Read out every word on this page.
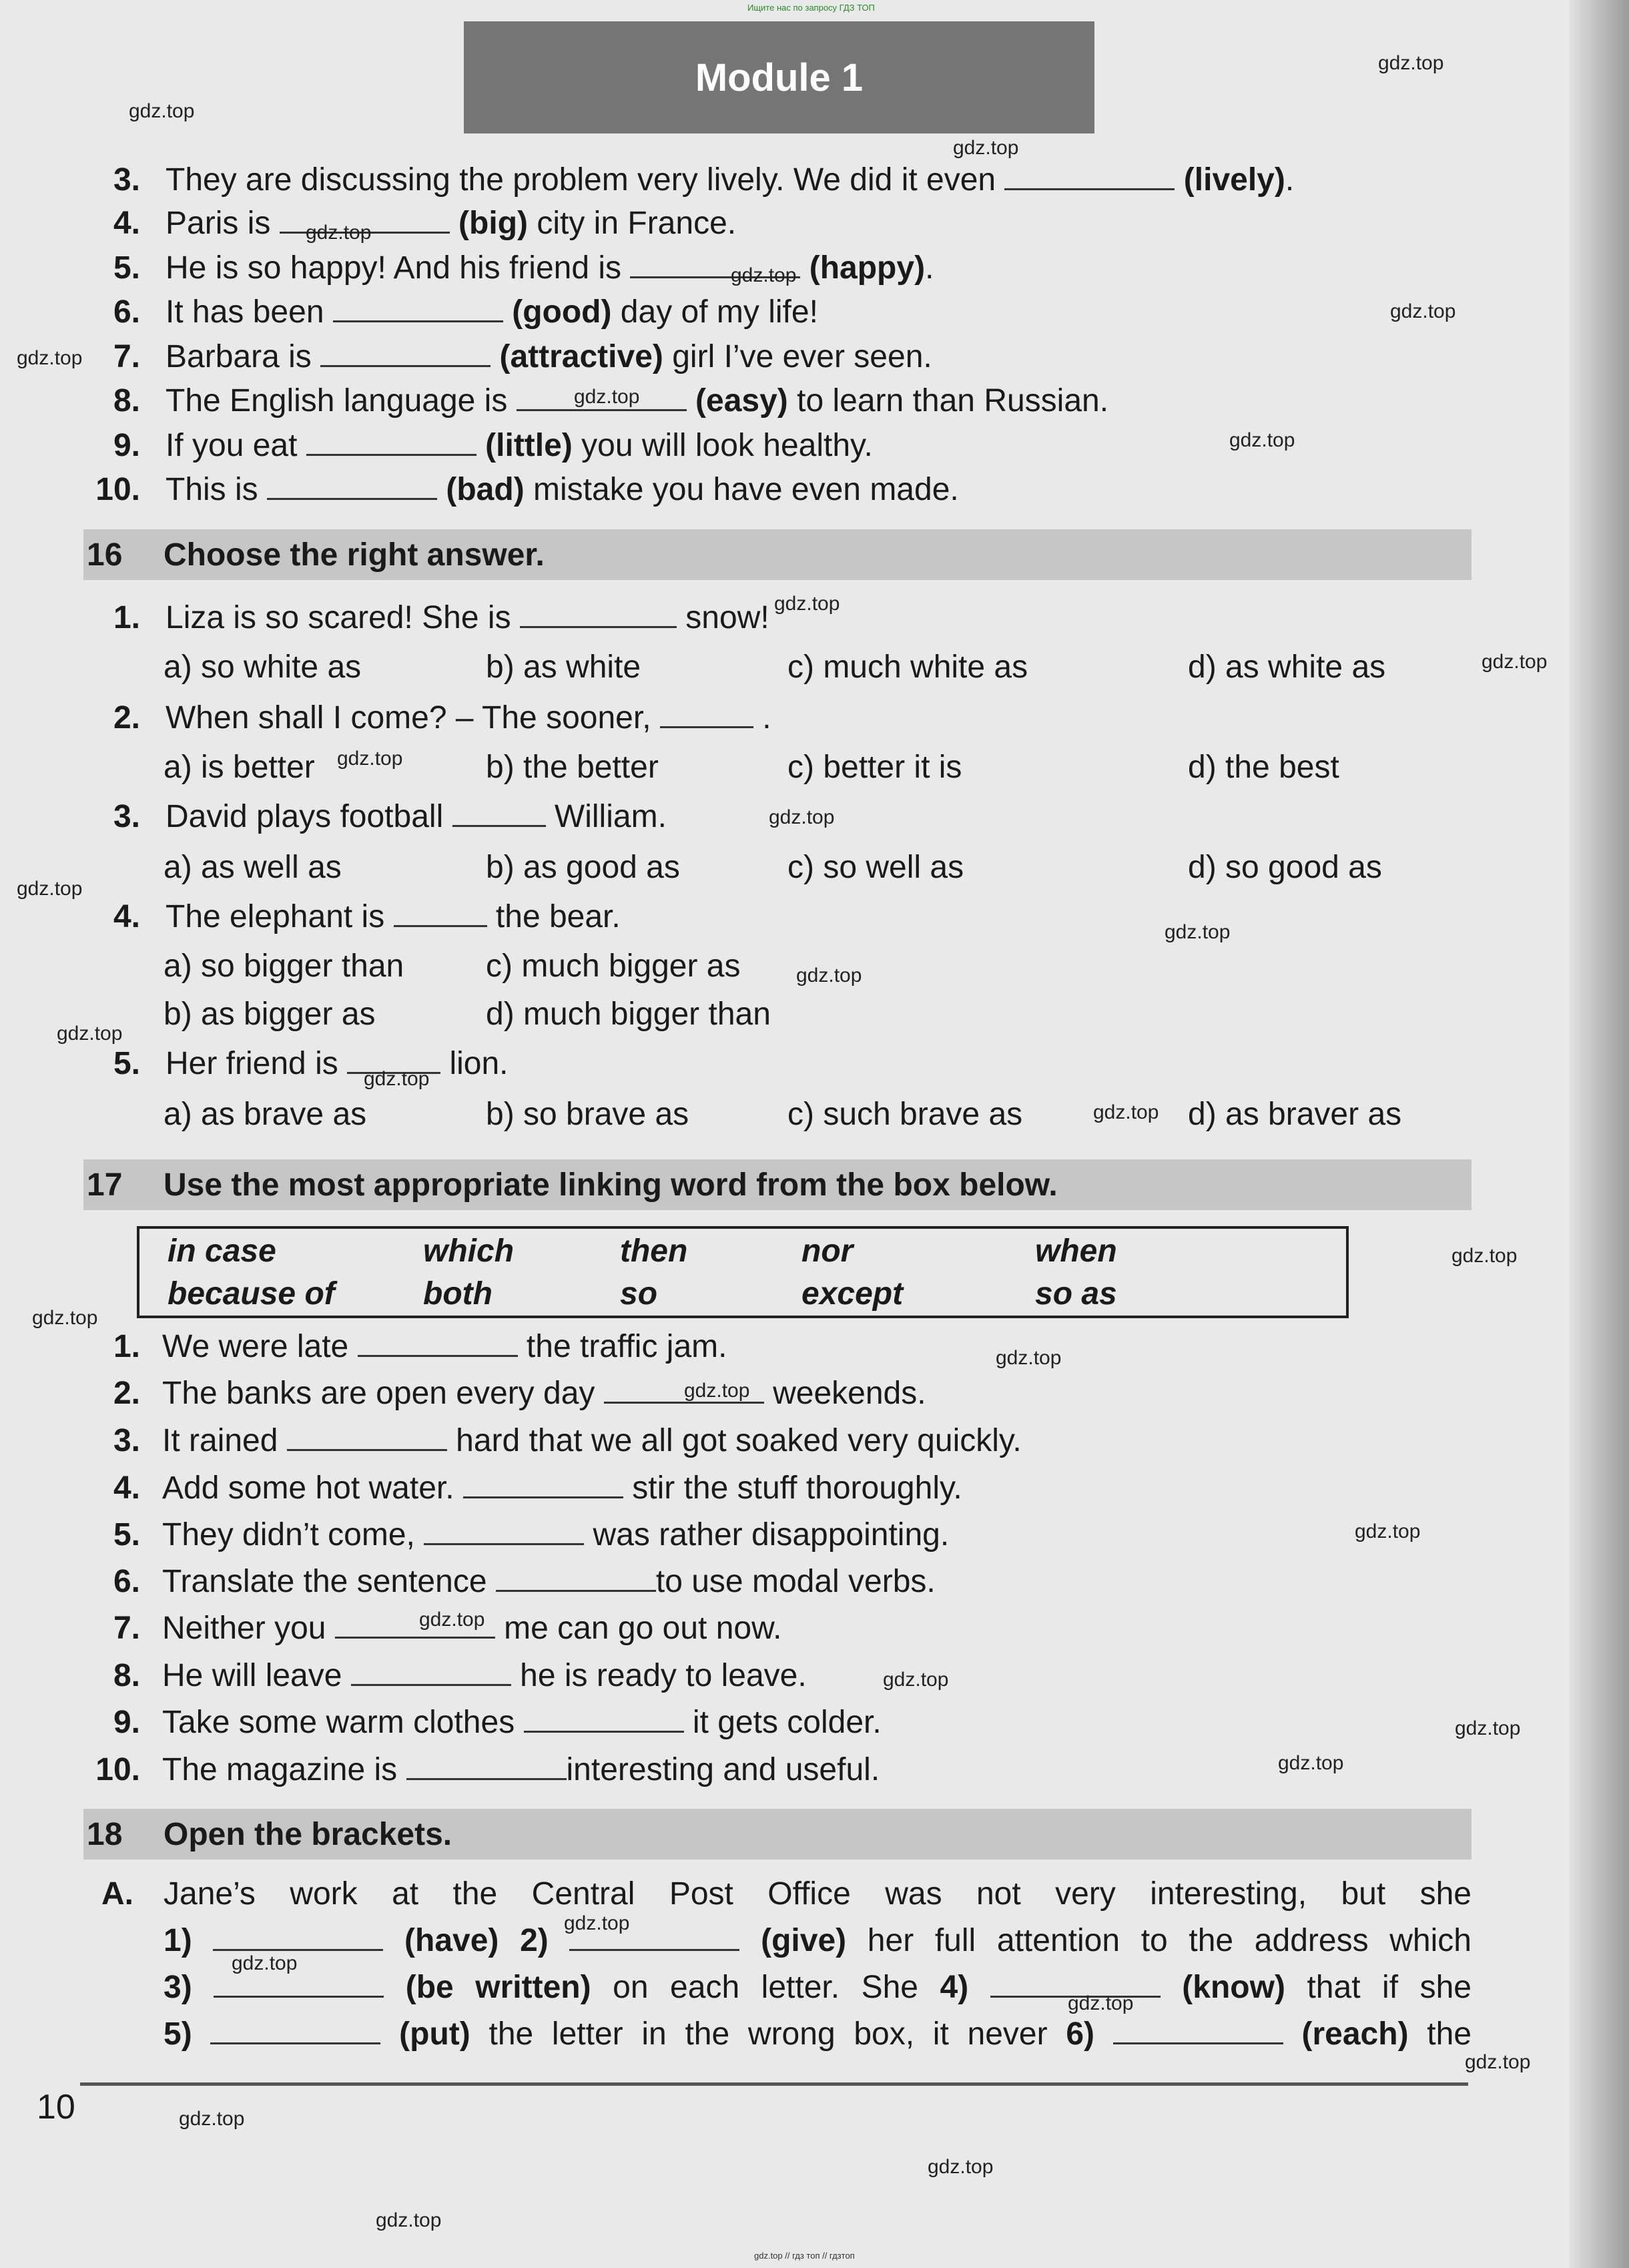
Ищите нас по запросу ГДЗ ТОП
Module 1	gdz.top
gdz.top
gdz.top
3. They are discussing the problem very lively. We did it even	(lively).
4. Paris is	(big) city in France.
5. He is so happy! And his friend is	(happy).
6. It has been	(good) day of my life!
7. Barbara is	(attractive) girl I’ve ever seen.
8. The English language is	(easy) to learn than Russian.
9. If you eat	(little) you will look healthy.
10. This is	(bad) mistake you have even made.
gdz.top
gdz.top
gdz.top
gdz.top
gdz.top
gdz.top
16 Choose the right answer.
1. Liza is so scared! She is	snow!
a) so white as	b) as white	c) much white as	d) as white as
2. When shall I come? – The sooner,	.
a) is better	b) the better	c) better it is	d) the best
3. David plays football	William.
a) as well as	b) as good as	c) so well as	d) so good as
4. The elephant is	the bear.
a) so bigger than	c) much bigger as
b) as bigger as	d) much bigger than
5. Her friend is	lion.
a) as brave as	b) so brave as	c) such brave as	d) as braver as
gdz.top
gdz.top
gdz.top
gdz.top
gdz.top
gdz.top
gdz.top
gdz.top
gdz.top
gdz.top
17 Use the most appropriate linking word from the box below.
in case	which	then	nor	when
because of	both	so	except	so as
1. We were late	the traffic jam.
2. The banks are open every day	weekends.
3. It rained	hard that we all got soaked very quickly.
4. Add some hot water.	stir the stuff thoroughly.
5. They didn’t come,	was rather disappointing.
6. Translate the sentence	to use modal verbs.
7. Neither you	me can go out now.
8. He will leave	he is ready to leave.
9. Take some warm clothes	it gets colder.
10. The magazine is	interesting and useful.
gdz.top
gdz.top
gdz.top
gdz.top
gdz.top
gdz.top
gdz.top
gdz.top
gdz.top
18 Open the brackets.
A. Jane’s work at the Central Post Office was not very interesting, but she
1)	(have) 2)	(give) her full attention to the address which
3)	(be written) on each letter. She 4)	(know) that if she
5)	(put) the letter in the wrong box, it never 6)	(reach) the
gdz.top
gdz.top
gdz.top
gdz.top
10	gdz.top
gdz.top
gdz.top
gdz.top // гдз топ // гдзтоп
